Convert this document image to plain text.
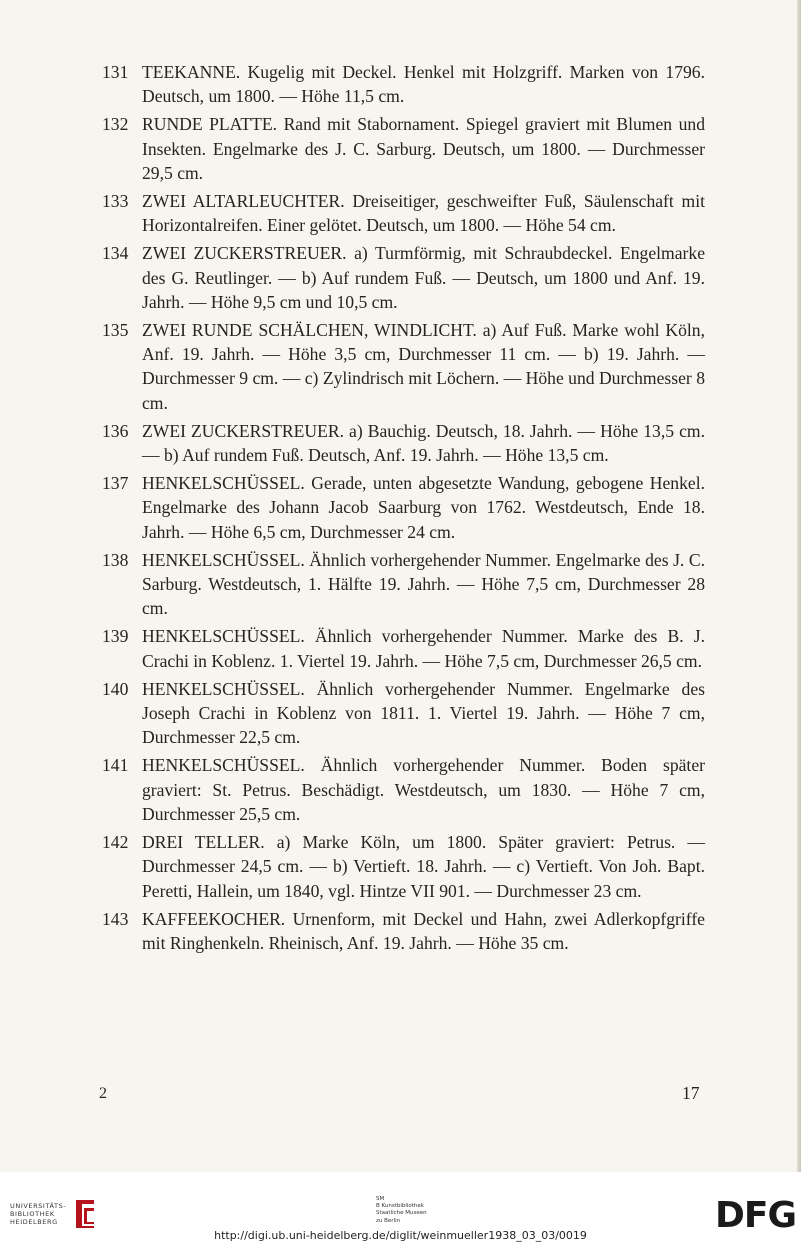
131 TEEKANNE. Kugelig mit Deckel. Henkel mit Holzgriff. Marken von 1796. Deutsch, um 1800. — Höhe 11,5 cm.
132 RUNDE PLATTE. Rand mit Stabornament. Spiegel graviert mit Blumen und Insekten. Engelmarke des J. C. Sarburg. Deutsch, um 1800. — Durchmesser 29,5 cm.
133 ZWEI ALTARLEUCHTER. Dreiseitiger, geschweifter Fuß, Säulenschaft mit Horizontalreifen. Einer gelötet. Deutsch, um 1800. — Höhe 54 cm.
134 ZWEI ZUCKERSTREUER. a) Turmförmig, mit Schraubdeckel. Engelmarke des G. Reutlinger. — b) Auf rundem Fuß. — Deutsch, um 1800 und Anf. 19. Jahrh. — Höhe 9,5 cm und 10,5 cm.
135 ZWEI RUNDE SCHÄLCHEN, WINDLICHT. a) Auf Fuß. Marke wohl Köln, Anf. 19. Jahrh. — Höhe 3,5 cm, Durchmesser 11 cm. — b) 19. Jahrh. — Durchmesser 9 cm. — c) Zylindrisch mit Löchern. — Höhe und Durchmesser 8 cm.
136 ZWEI ZUCKERSTREUER. a) Bauchig. Deutsch, 18. Jahrh. — Höhe 13,5 cm. — b) Auf rundem Fuß. Deutsch, Anf. 19. Jahrh. — Höhe 13,5 cm.
137 HENKELSCHÜSSEL. Gerade, unten abgesetzte Wandung, gebogene Henkel. Engelmarke des Johann Jacob Saarburg von 1762. Westdeutsch, Ende 18. Jahrh. — Höhe 6,5 cm, Durchmesser 24 cm.
138 HENKELSCHÜSSEL. Ähnlich vorhergehender Nummer. Engelmarke des J. C. Sarburg. Westdeutsch, 1. Hälfte 19. Jahrh. — Höhe 7,5 cm, Durchmesser 28 cm.
139 HENKELSCHÜSSEL. Ähnlich vorhergehender Nummer. Marke des B. J. Crachi in Koblenz. 1. Viertel 19. Jahrh. — Höhe 7,5 cm, Durchmesser 26,5 cm.
140 HENKELSCHÜSSEL. Ähnlich vorhergehender Nummer. Engelmarke des Joseph Crachi in Koblenz von 1811. 1. Viertel 19. Jahrh. — Höhe 7 cm, Durchmesser 22,5 cm.
141 HENKELSCHÜSSEL. Ähnlich vorhergehender Nummer. Boden später graviert: St. Petrus. Beschädigt. Westdeutsch, um 1830. — Höhe 7 cm, Durchmesser 25,5 cm.
142 DREI TELLER. a) Marke Köln, um 1800. Später graviert: Petrus. — Durchmesser 24,5 cm. — b) Vertieft. 18. Jahrh. — c) Vertieft. Von Joh. Bapt. Peretti, Hallein, um 1840, vgl. Hintze VII 901. — Durchmesser 23 cm.
143 KAFFEEKOCHER. Urnenform, mit Deckel und Hahn, zwei Adlerkopfgriffe mit Ringhenkeln. Rheinisch, Anf. 19. Jahrh. — Höhe 35 cm.
2	17
UNIVERSITÄTS-
BIBLIOTHEK
HEIDELBERG
SM
B Kunstbibliothek
Staatliche Museen
zu Berlin	DFG
http://digi.ub.uni-heidelberg.de/diglit/weinmueller1938_03_03/0019
